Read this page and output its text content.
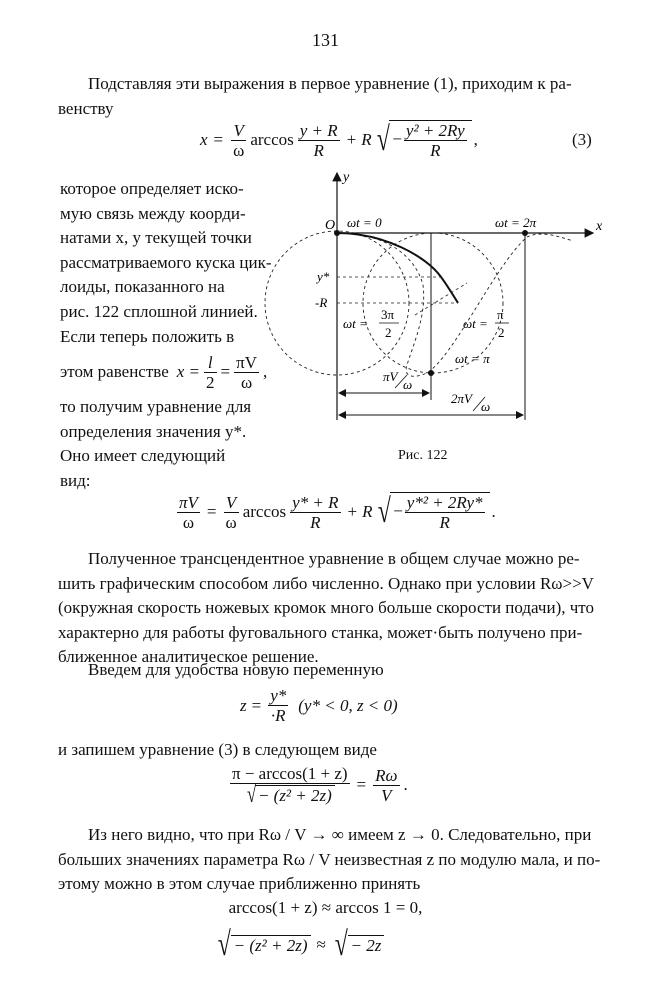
131
Подставляя эти выражения в первое уравнение (1), приходим к ра-
венству
$x = \frac{V}{\omega}$ $\arccos \frac{y + R}{R} + R$ √ − $\frac{\text{y² + 2Ry}}{R}$ ,	(3)
которое определяет иско-
мую связь между коорди-
натами x, y текущей точки
рассматриваемого куска цик-
лоиды, показанного на
рис. 122 сплошной линией.
Если теперь положить в
этом равенстве $x = \frac{l}{2} = \frac{\pi V}{\omega}$ ,
то получим уравнение для
определения значения y*.
Оно имеет следующий вид:
x
y
O ωt = 0	ωt = 2π
y*
-R
ωt =
3π
2
ωt =
π
2
ωt = π
πV
ω
2πV
ω
Рис. 122
$\frac{\pi V}{\omega} = \frac{V}{\omega}$ $\arccos \frac{y* + R}{R} + R$ √ − $\frac{\text{y*² + 2Ry*}}{R}$ .
Полученное трансцендентное уравнение в общем случае можно ре-
шить графическим способом либо численно. Однако при условии Rω>>V
(окружная скорость ножевых кромок много больше скорости подачи), что
характерно для работы фуговального станка, может·быть получено при-
ближенное аналитическое решение.
Введем для удобства новую переменную
$z = \frac{y*}{\cdot R} (y* < 0$, z < 0)
и запишем уравнение (3) в следующем виде
$\frac{\pi - \arccos(1 + z)}{\text{√ − (z² + 2z)}} = \frac{R\omega}{V}$ .
Из него видно, что при Rω / V → ∞ имеем z → 0. Следовательно, при
больших значениях параметра Rω / V неизвестная z по модулю мала, и по-
этому можно в этом случае приближенно принять
arccos(1 + z) ≈ arccos 1 = 0,
√ − (z² + 2z) ≈ √ − 2z
